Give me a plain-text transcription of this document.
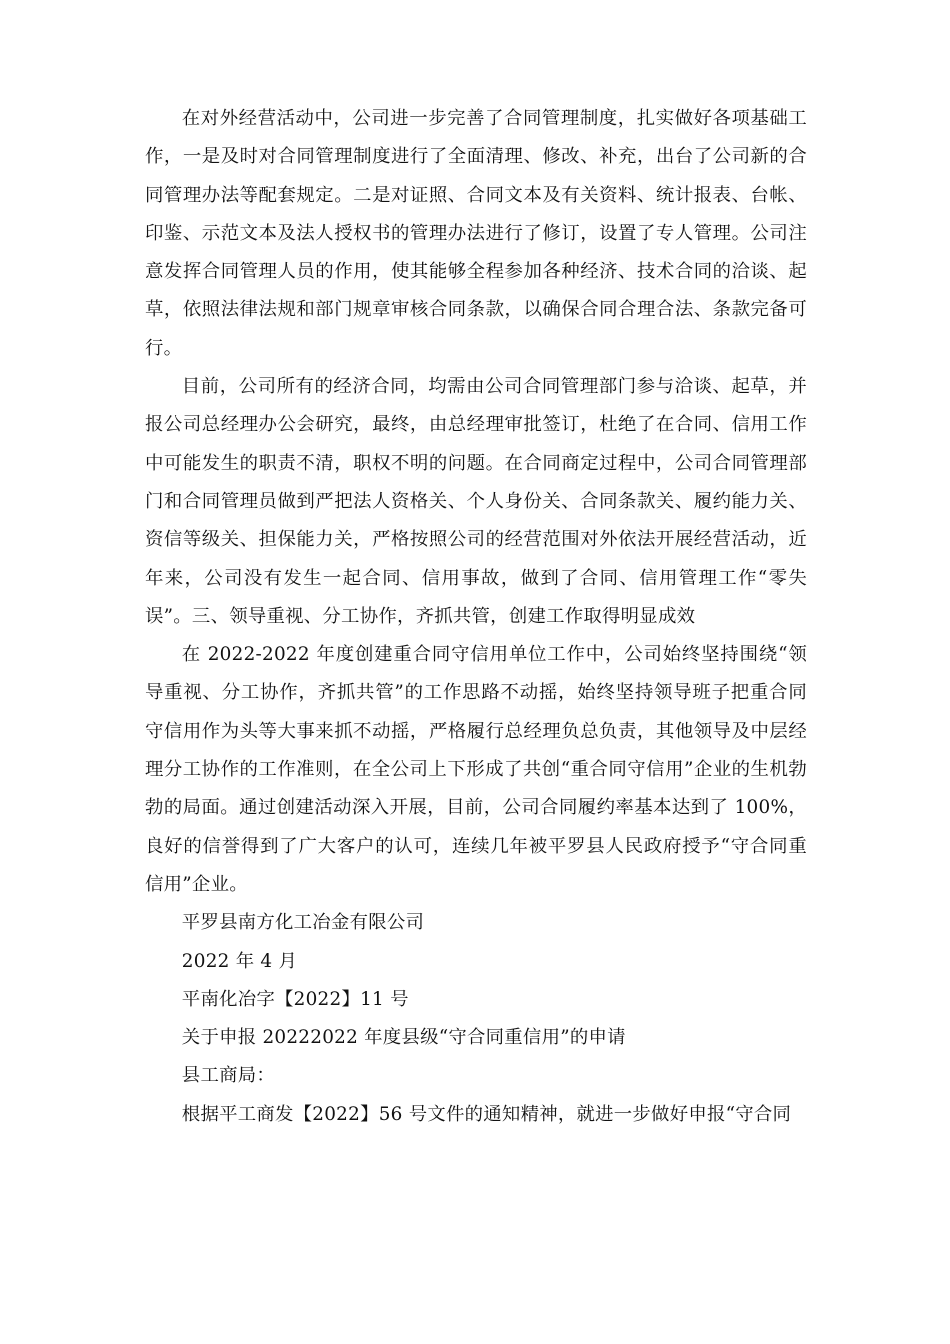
在对外经营活动中，公司进一步完善了合同管理制度，扎实做好各项基础工作，一是及时对合同管理制度进行了全面清理、修改、补充，出台了公司新的合同管理办法等配套规定。二是对证照、合同文本及有关资料、统计报表、台帐、印鉴、示范文本及法人授权书的管理办法进行了修订，设置了专人管理。公司注意发挥合同管理人员的作用，使其能够全程参加各种经济、技术合同的洽谈、起草，依照法律法规和部门规章审核合同条款，以确保合同合理合法、条款完备可行。

目前，公司所有的经济合同，均需由公司合同管理部门参与洽谈、起草，并报公司总经理办公会研究，最终，由总经理审批签订，杜绝了在合同、信用工作中可能发生的职责不清，职权不明的问题。在合同商定过程中，公司合同管理部门和合同管理员做到严把法人资格关、个人身份关、合同条款关、履约能力关、资信等级关、担保能力关，严格按照公司的经营范围对外依法开展经营活动，近年来，公司没有发生一起合同、信用事故，做到了合同、信用管理工作“零失误”。三、领导重视、分工协作，齐抓共管，创建工作取得明显成效

在 2022-2022 年度创建重合同守信用单位工作中，公司始终坚持围绕“领导重视、分工协作，齐抓共管”的工作思路不动摇，始终坚持领导班子把重合同守信用作为头等大事来抓不动摇，严格履行总经理负总负责，其他领导及中层经理分工协作的工作准则，在全公司上下形成了共创“重合同守信用”企业的生机勃勃的局面。通过创建活动深入开展，目前，公司合同履约率基本达到了 100%，良好的信誉得到了广大客户的认可，连续几年被平罗县人民政府授予“守合同重信用”企业。

平罗县南方化工冶金有限公司

2022 年 4 月

平南化冶字【2022】11 号

关于申报 20222022 年度县级“守合同重信用”的申请

县工商局：

根据平工商发【2022】56 号文件的通知精神，就进一步做好申报“守合同
